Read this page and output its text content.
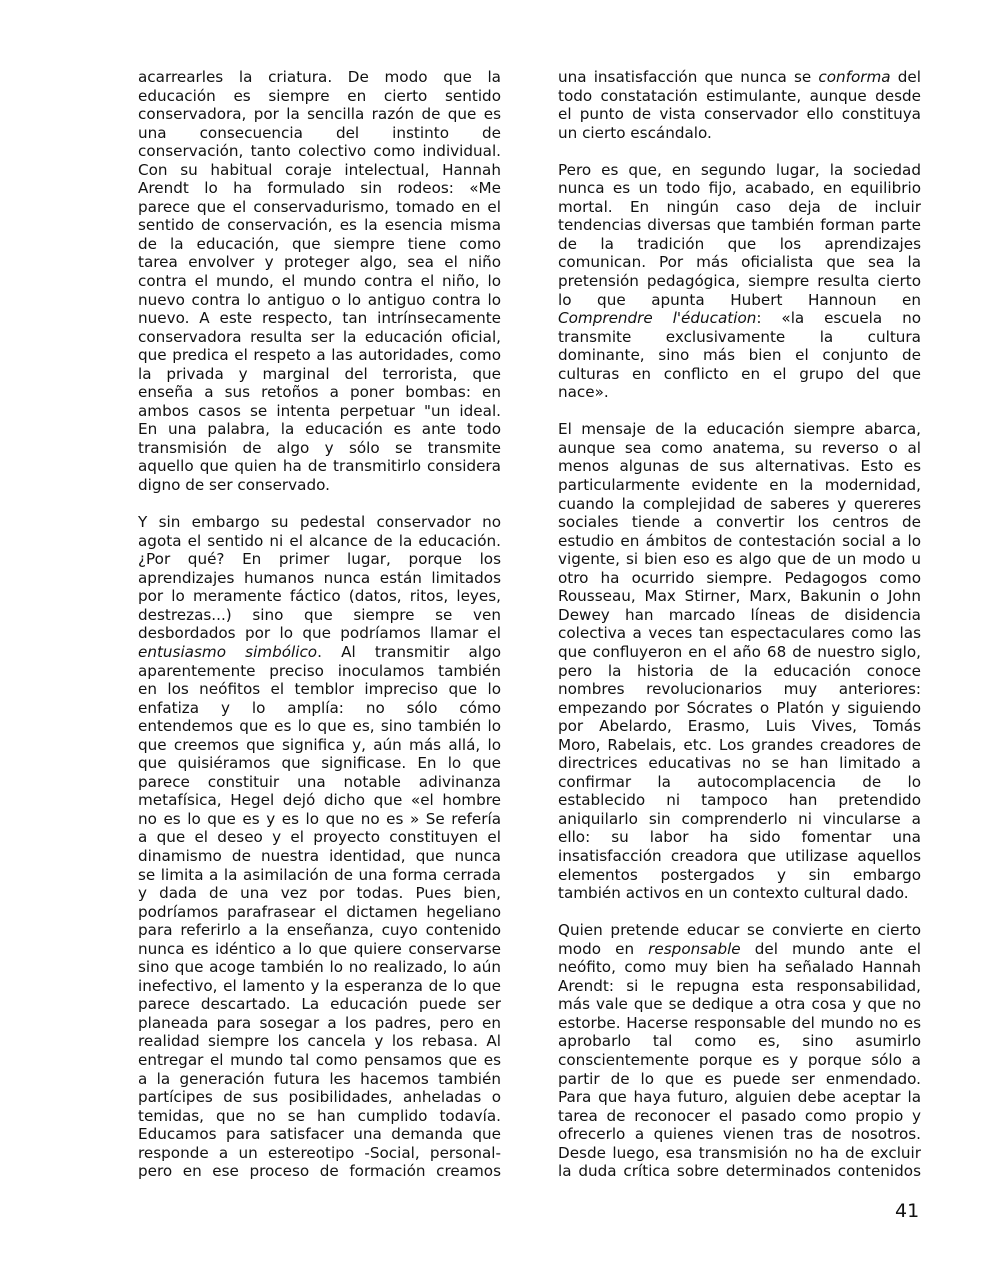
acarrearles la criatura. De modo que la
educación es siempre en cierto sentido
conservadora, por la sencilla razón de que es
una consecuencia del instinto de
conservación, tanto colectivo como individual.
Con su habitual coraje intelectual, Hannah
Arendt lo ha formulado sin rodeos: «Me
parece que el conservadurismo, tomado en el
sentido de conservación, es la esencia misma
de la educación, que siempre tiene como
tarea envolver y proteger algo, sea el niño
contra el mundo, el mundo contra el niño, lo
nuevo contra lo antiguo o lo antiguo contra lo
nuevo. A este respecto, tan intrínsecamente
conservadora resulta ser la educación oficial,
que predica el respeto a las autoridades, como
la privada y marginal del terrorista, que
enseña a sus retoños a poner bombas: en
ambos casos se intenta perpetuar "un ideal.
En una palabra, la educación es ante todo
transmisión de algo y sólo se transmite
aquello que quien ha de transmitirlo considera
digno de ser conservado.
Y sin embargo su pedestal conservador no
agota el sentido ni el alcance de la educación.
¿Por qué? En primer lugar, porque los
aprendizajes humanos nunca están limitados
por lo meramente fáctico (datos, ritos, leyes,
destrezas...) sino que siempre se ven
desbordados por lo que podríamos llamar el
entusiasmo simbólico. Al transmitir algo
aparentemente preciso inoculamos también
en los neófitos el temblor impreciso que lo
enfatiza y lo amplía: no sólo cómo
entendemos que es lo que es, sino también lo
que creemos que significa y, aún más allá, lo
que quisiéramos que significase. En lo que
parece constituir una notable adivinanza
metafísica, Hegel dejó dicho que «el hombre
no es lo que es y es lo que no es » Se refería
a que el deseo y el proyecto constituyen el
dinamismo de nuestra identidad, que nunca
se limita a la asimilación de una forma cerrada
y dada de una vez por todas. Pues bien,
podríamos parafrasear el dictamen hegeliano
para referirlo a la enseñanza, cuyo contenido
nunca es idéntico a lo que quiere conservarse
sino que acoge también lo no realizado, lo aún
inefectivo, el lamento y la esperanza de lo que
parece descartado. La educación puede ser
planeada para sosegar a los padres, pero en
realidad siempre los cancela y los rebasa. Al
entregar el mundo tal como pensamos que es
a la generación futura les hacemos también
partícipes de sus posibilidades, anheladas o
temidas, que no se han cumplido todavía.
Educamos para satisfacer una demanda que
responde a un estereotipo -Social, personal-
pero en ese proceso de formación creamos
una insatisfacción que nunca se conforma del
todo constatación estimulante, aunque desde
el punto de vista conservador ello constituya
un cierto escándalo.
Pero es que, en segundo lugar, la sociedad
nunca es un todo fijo, acabado, en equilibrio
mortal. En ningún caso deja de incluir
tendencias diversas que también forman parte
de la tradición que los aprendizajes
comunican. Por más oficialista que sea la
pretensión pedagógica, siempre resulta cierto
lo que apunta Hubert Hannoun en
Comprendre l'éducation: «la escuela no
transmite exclusivamente la cultura
dominante, sino más bien el conjunto de
culturas en conflicto en el grupo del que
nace».
El mensaje de la educación siempre abarca,
aunque sea como anatema, su reverso o al
menos algunas de sus alternativas. Esto es
particularmente evidente en la modernidad,
cuando la complejidad de saberes y quereres
sociales tiende a convertir los centros de
estudio en ámbitos de contestación social a lo
vigente, si bien eso es algo que de un modo u
otro ha ocurrido siempre. Pedagogos como
Rousseau, Max Stirner, Marx, Bakunin o John
Dewey han marcado líneas de disidencia
colectiva a veces tan espectaculares como las
que confluyeron en el año 68 de nuestro siglo,
pero la historia de la educación conoce
nombres revolucionarios muy anteriores:
empezando por Sócrates o Platón y siguiendo
por Abelardo, Erasmo, Luis Vives, Tomás
Moro, Rabelais, etc. Los grandes creadores de
directrices educativas no se han limitado a
confirmar la autocomplacencia de lo
establecido ni tampoco han pretendido
aniquilarlo sin comprenderlo ni vincularse a
ello: su labor ha sido fomentar una
insatisfacción creadora que utilizase aquellos
elementos postergados y sin embargo
también activos en un contexto cultural dado.
Quien pretende educar se convierte en cierto
modo en responsable del mundo ante el
neófito, como muy bien ha señalado Hannah
Arendt: si le repugna esta responsabilidad,
más vale que se dedique a otra cosa y que no
estorbe. Hacerse responsable del mundo no es
aprobarlo tal como es, sino asumirlo
conscientemente porque es y porque sólo a
partir de lo que es puede ser enmendado.
Para que haya futuro, alguien debe aceptar la
tarea de reconocer el pasado como propio y
ofrecerlo a quienes vienen tras de nosotros.
Desde luego, esa transmisión no ha de excluir
la duda crítica sobre determinados contenidos
41
